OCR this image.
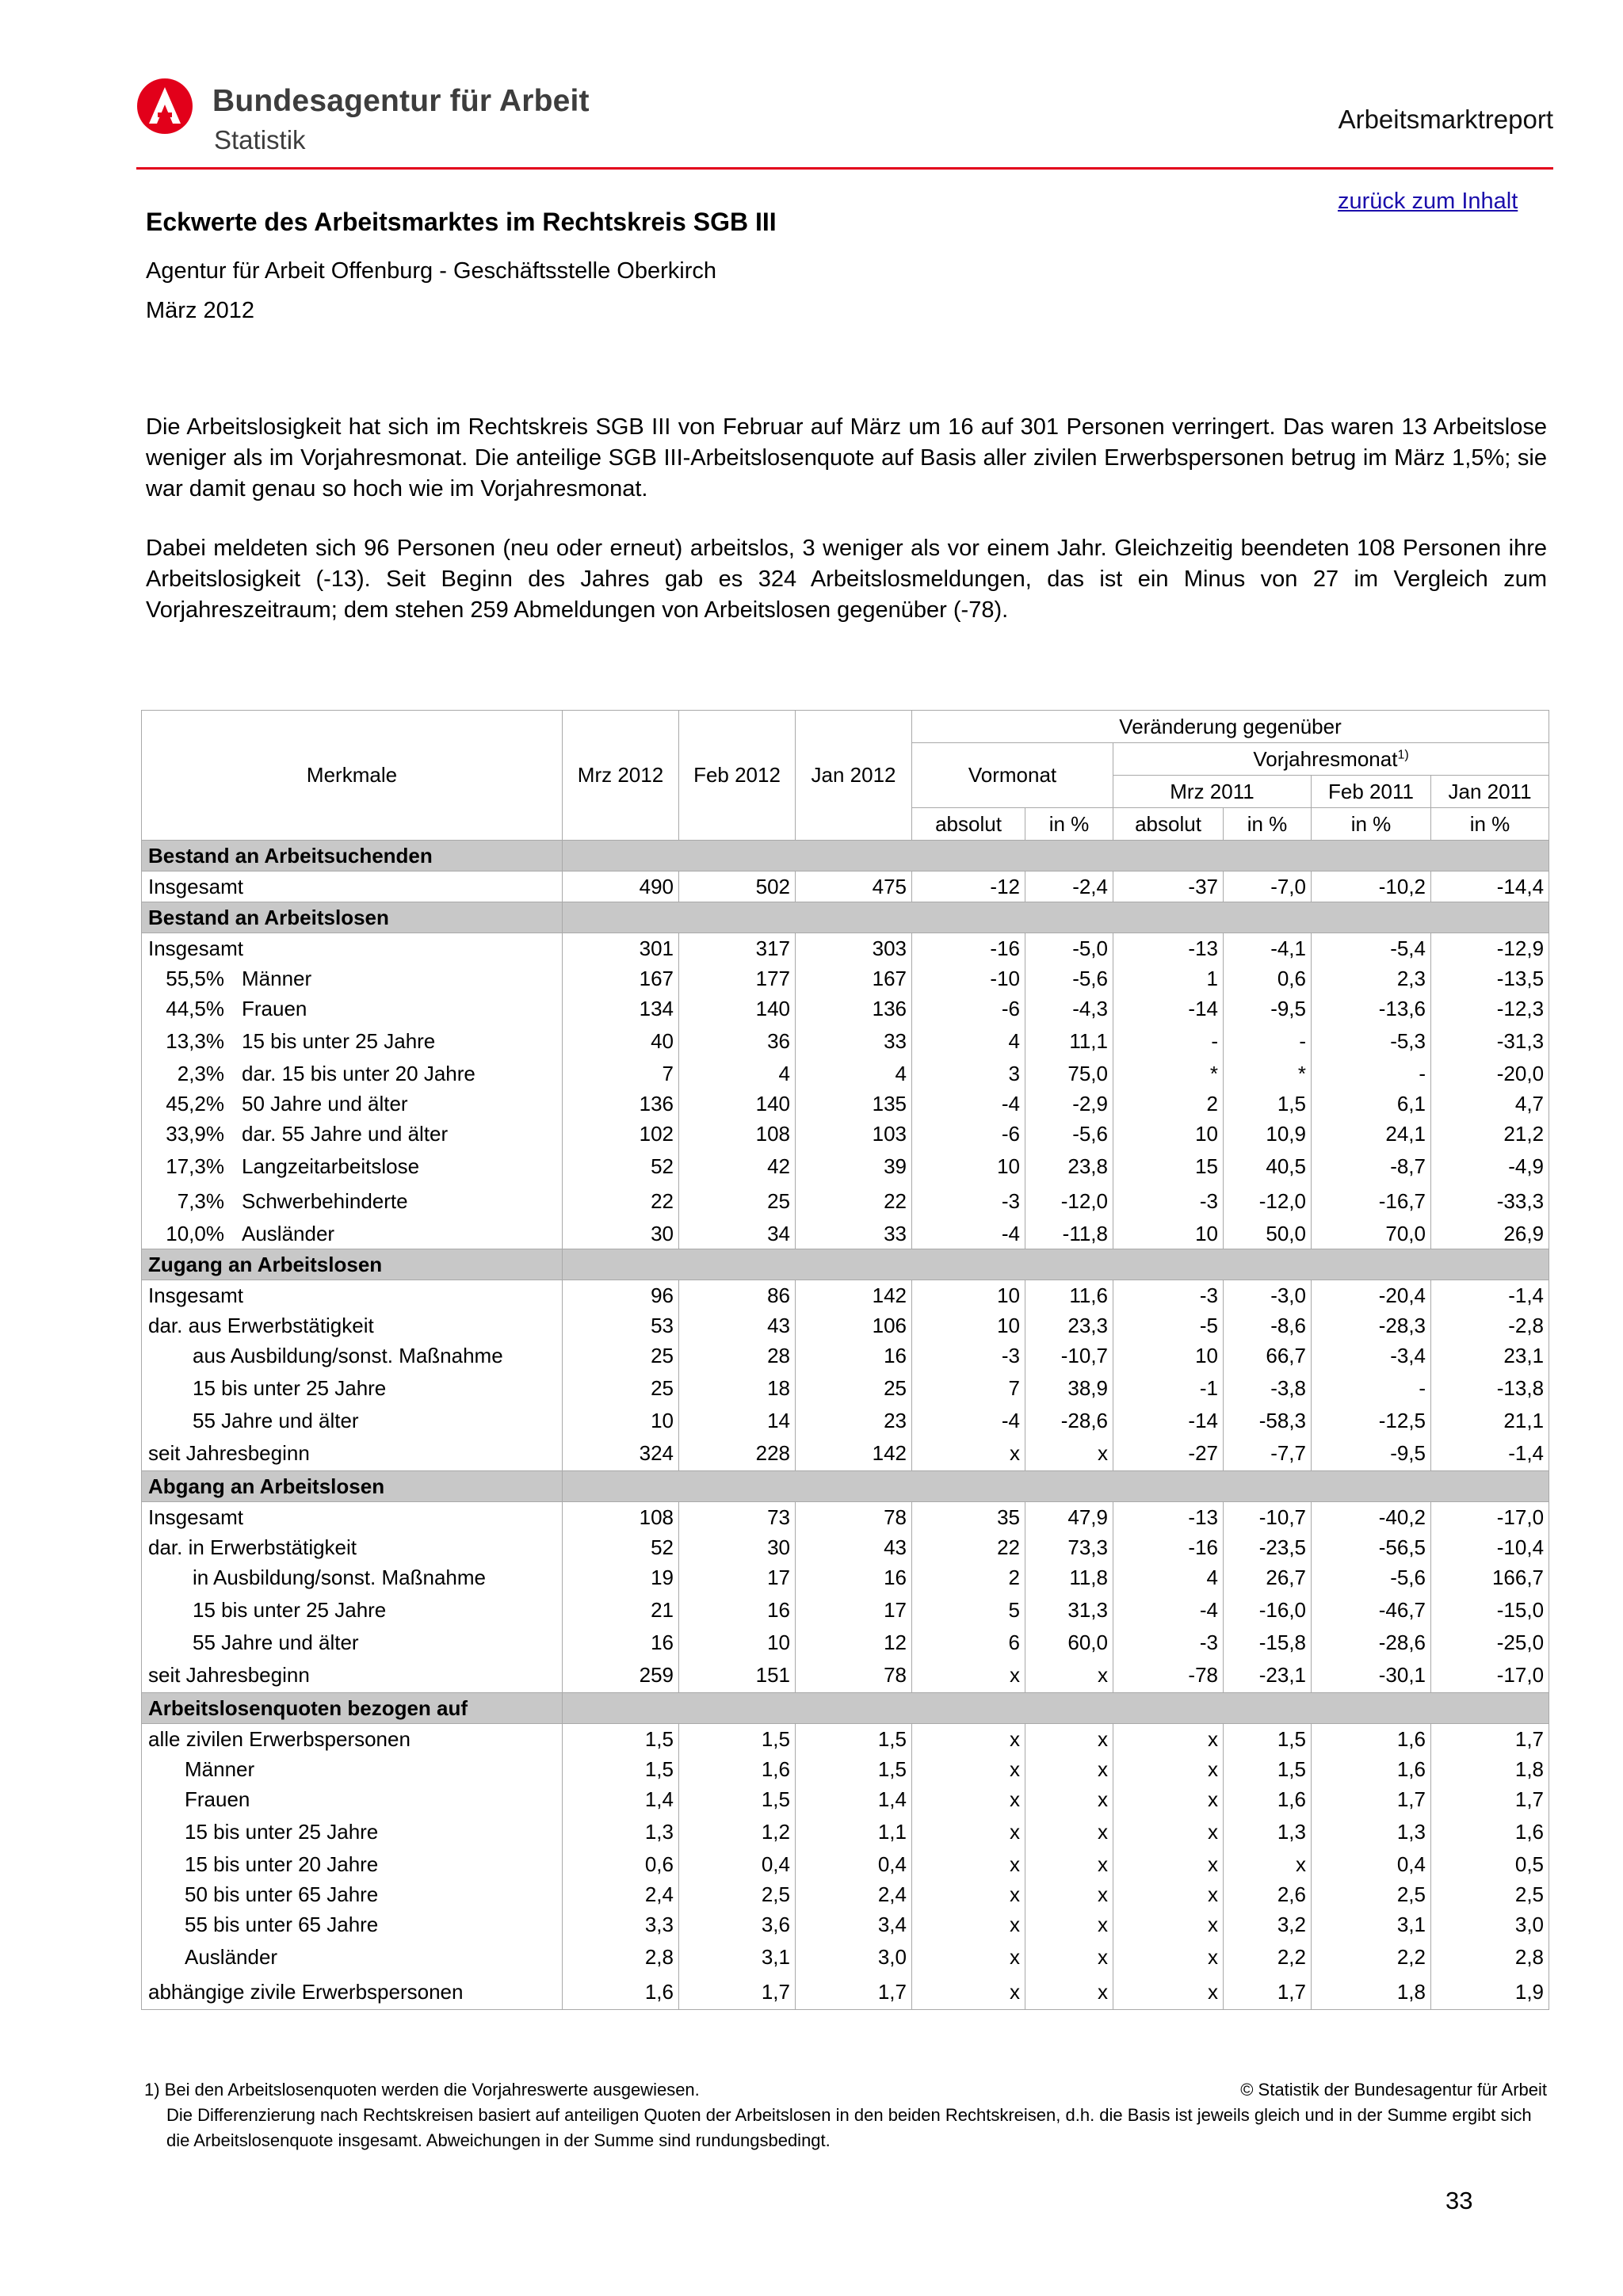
Bundesagentur für Arbeit
Statistik
Arbeitsmarktreport
zurück zum Inhalt
Eckwerte des Arbeitsmarktes im Rechtskreis SGB III
Agentur für Arbeit Offenburg - Geschäftsstelle Oberkirch
März 2012

Die Arbeitslosigkeit hat sich im Rechtskreis SGB III von Februar auf März um 16 auf 301 Personen verringert. Das waren 13 Arbeitslose weniger als im Vorjahresmonat. Die anteilige SGB III-Arbeitslosenquote auf Basis aller zivilen Erwerbspersonen betrug im März 1,5%; sie war damit genau so hoch wie im Vorjahresmonat.

Dabei meldeten sich 96 Personen (neu oder erneut) arbeitslos, 3 weniger als vor einem Jahr. Gleichzeitig beendeten 108 Personen ihre Arbeitslosigkeit (-13). Seit Beginn des Jahres gab es 324 Arbeitslosmeldungen, das ist ein Minus von 27 im Vergleich zum Vorjahreszeitraum; dem stehen 259 Abmeldungen von Arbeitslosen gegenüber (-78).

Merkmale	Mrz 2012	Feb 2012	Jan 2012	Veränderung gegenüber					
				Vormonat		Vorjahresmonat$^{1)}$
						Mrz 2011		Feb 2011	Jan 2011
				absolut	in %	absolut	in %	in %	in %
Bestand an Arbeitsuchenden									
Insgesamt	490	502	475	-12	-2,4	-37	-7,0	-10,2	-14,4
Bestand an Arbeitslosen									
Insgesamt	301	317	303	-16	-5,0	-13	-4,1	-5,4	-12,9
55,5% Männer	167	177	167	-10	-5,6	1	0,6	2,3	-13,5
44,5% Frauen	134	140	136	-6	-4,3	-14	-9,5	-13,6	-12,3
13,3% 15 bis unter 25 Jahre	40	36	33	4	11,1	-	-	-5,3	-31,3
2,3% dar. 15 bis unter 20 Jahre	7	4	4	3	75,0	*	*	-	-20,0
45,2% 50 Jahre und älter	136	140	135	-4	-2,9	2	1,5	6,1	4,7
33,9% dar. 55 Jahre und älter	102	108	103	-6	-5,6	10	10,9	24,1	21,2
17,3% Langzeitarbeitslose	52	42	39	10	23,8	15	40,5	-8,7	-4,9
7,3% Schwerbehinderte	22	25	22	-3	-12,0	-3	-12,0	-16,7	-33,3
10,0% Ausländer	30	34	33	-4	-11,8	10	50,0	70,0	26,9
Zugang an Arbeitslosen									
Insgesamt	96	86	142	10	11,6	-3	-3,0	-20,4	-1,4
dar. aus Erwerbstätigkeit	53	43	106	10	23,3	-5	-8,6	-28,3	-2,8
aus Ausbildung/sonst. Maßnahme	25	28	16	-3	-10,7	10	66,7	-3,4	23,1
15 bis unter 25 Jahre	25	18	25	7	38,9	-1	-3,8	-	-13,8
55 Jahre und älter	10	14	23	-4	-28,6	-14	-58,3	-12,5	21,1
seit Jahresbeginn	324	228	142	x	x	-27	-7,7	-9,5	-1,4
Abgang an Arbeitslosen									
Insgesamt	108	73	78	35	47,9	-13	-10,7	-40,2	-17,0
dar. in Erwerbstätigkeit	52	30	43	22	73,3	-16	-23,5	-56,5	-10,4
in Ausbildung/sonst. Maßnahme	19	17	16	2	11,8	4	26,7	-5,6	166,7
15 bis unter 25 Jahre	21	16	17	5	31,3	-4	-16,0	-46,7	-15,0
55 Jahre und älter	16	10	12	6	60,0	-3	-15,8	-28,6	-25,0
seit Jahresbeginn	259	151	78	x	x	-78	-23,1	-30,1	-17,0
Arbeitslosenquoten bezogen auf									
alle zivilen Erwerbspersonen	1,5	1,5	1,5	x	x	x	1,5	1,6	1,7
Männer	1,5	1,6	1,5	x	x	x	1,5	1,6	1,8
Frauen	1,4	1,5	1,4	x	x	x	1,6	1,7	1,7
15 bis unter 25 Jahre	1,3	1,2	1,1	x	x	x	1,3	1,3	1,6
15 bis unter 20 Jahre	0,6	0,4	0,4	x	x	x	x	0,4	0,5
50 bis unter 65 Jahre	2,4	2,5	2,4	x	x	x	2,6	2,5	2,5
55 bis unter 65 Jahre	3,3	3,6	3,4	x	x	x	3,2	3,1	3,0
Ausländer	2,8	3,1	3,0	x	x	x	2,2	2,2	2,8
abhängige zivile Erwerbspersonen	1,6	1,7	1,7	x	x	x	1,7	1,8	1,9
1) Bei den Arbeitslosenquoten werden die Vorjahreswerte ausgewiesen.	© Statistik der Bundesagentur für Arbeit
Die Differenzierung nach Rechtskreisen basiert auf anteiligen Quoten der Arbeitslosen in den beiden Rechtskreisen, d.h. die Basis ist jeweils gleich und in der Summe ergibt sich die Arbeitslosenquote insgesamt. Abweichungen in der Summe sind rundungsbedingt.
33
